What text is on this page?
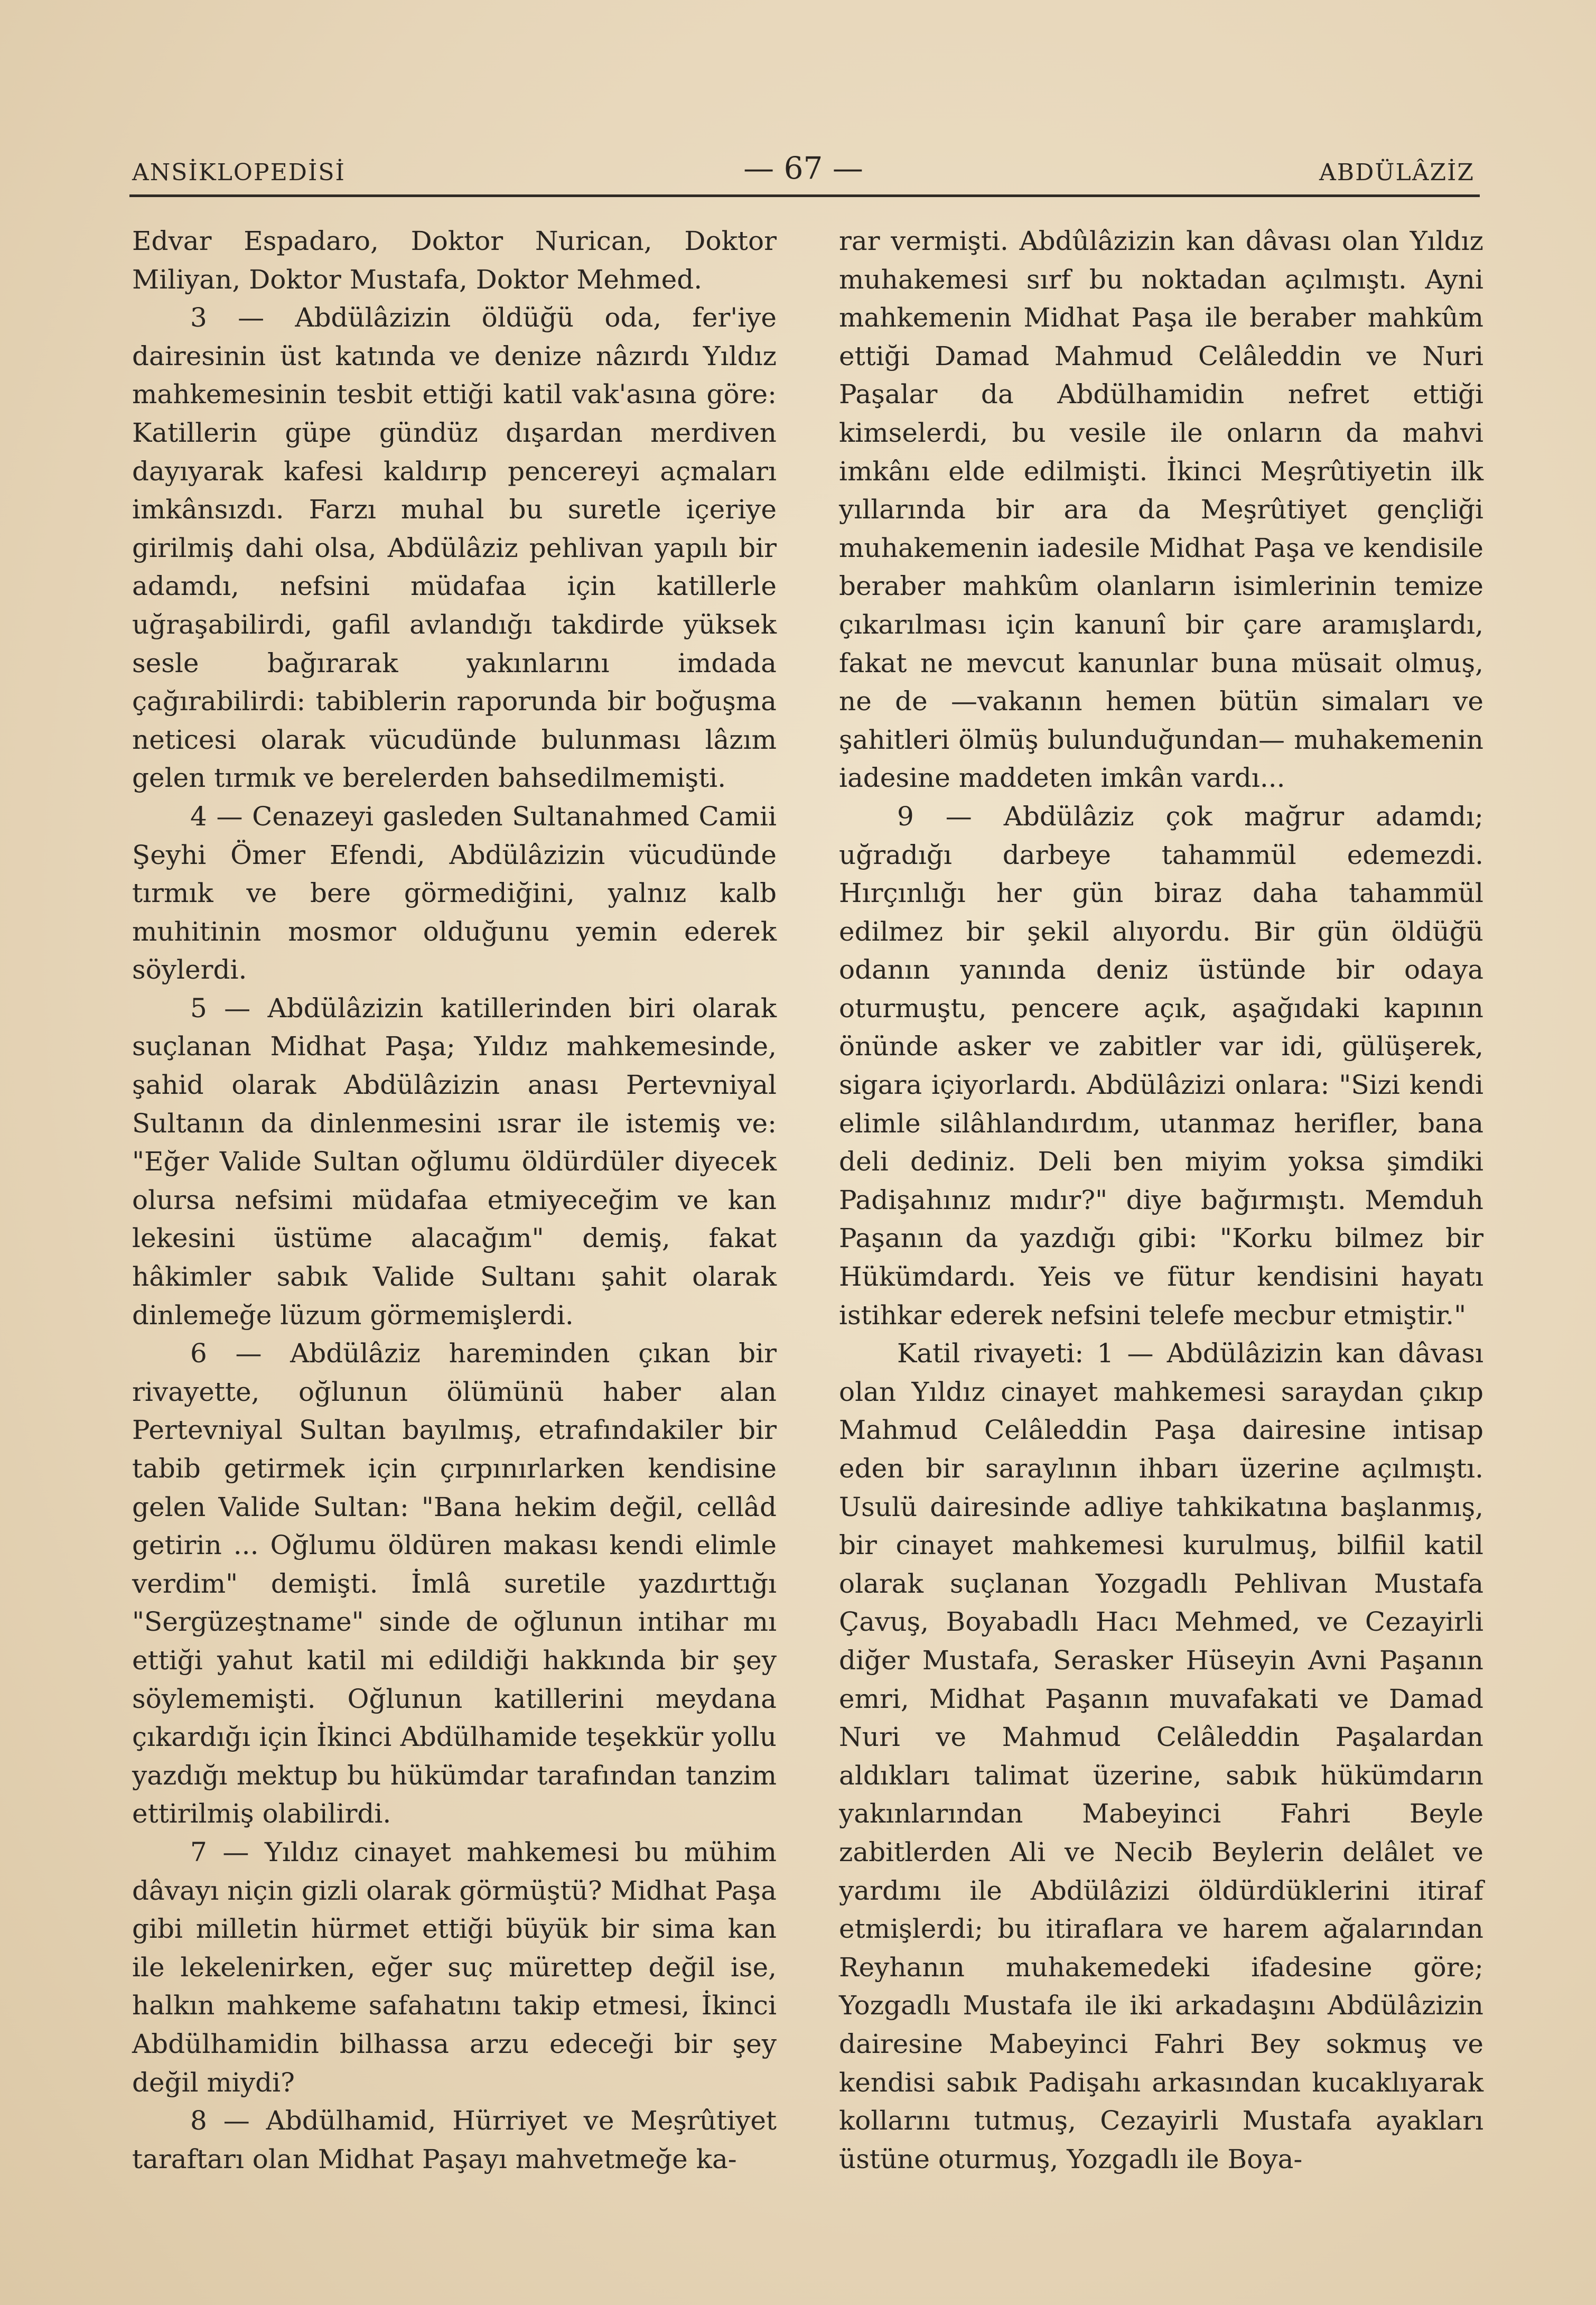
ANSİKLOPEDİSİ	— 67 —	ABDÜLÂZİZ

Edvar Espadaro, Doktor Nurican, Doktor Miliyan, Doktor Mustafa, Doktor Mehmed.

3 — Abdülâzizin öldüğü oda, fer'iye dairesinin üst katında ve denize nâzırdı Yıldız mahkemesinin tesbit ettiği katil vak'asına göre: Katillerin güpe gündüz dışardan merdiven dayıyarak kafesi kaldırıp pencereyi açmaları imkânsızdı. Farzı muhal bu suretle içeriye girilmiş dahi olsa, Abdülâziz pehlivan yapılı bir adamdı, nefsini müdafaa için katillerle uğraşabilirdi, gafil avlandığı takdirde yüksek sesle bağırarak yakınlarını imdada çağırabilirdi: tabiblerin raporunda bir boğuşma neticesi olarak vücudünde bulunması lâzım gelen tırmık ve berelerden bahsedilmemişti.

4 — Cenazeyi gasleden Sultanahmed Camii Şeyhi Ömer Efendi, Abdülâzizin vücudünde tırmık ve bere görmediğini, yalnız kalb muhitinin mosmor olduğunu yemin ederek söylerdi.

5 — Abdülâzizin katillerinden biri olarak suçlanan Midhat Paşa; Yıldız mahkemesinde, şahid olarak Abdülâzizin anası Pertevniyal Sultanın da dinlenmesini ısrar ile istemiş ve: "Eğer Valide Sultan oğlumu öldürdüler diyecek olursa nefsimi müdafaa etmiyeceğim ve kan lekesini üstüme alacağım" demiş, fakat hâkimler sabık Valide Sultanı şahit olarak dinlemeğe lüzum görmemişlerdi.

6 — Abdülâziz hareminden çıkan bir rivayette, oğlunun ölümünü haber alan Pertevniyal Sultan bayılmış, etrafındakiler bir tabib getirmek için çırpınırlarken kendisine gelen Valide Sultan: "Bana hekim değil, cellâd getirin ... Oğlumu öldüren makası kendi elimle verdim" demişti. İmlâ suretile yazdırttığı "Sergüzeştname" sinde de oğlunun intihar mı ettiği yahut katil mi edildiği hakkında bir şey söylememişti. Oğlunun katillerini meydana çıkardığı için İkinci Abdülhamide teşekkür yollu yazdığı mektup bu hükümdar tarafından tanzim ettirilmiş olabilirdi.

7 — Yıldız cinayet mahkemesi bu mühim dâvayı niçin gizli olarak görmüştü? Midhat Paşa gibi milletin hürmet ettiği büyük bir sima kan ile lekelenirken, eğer suç mürettep değil ise, halkın mahkeme safahatını takip etmesi, İkinci Abdülhamidin bilhassa arzu edeceği bir şey değil miydi?

8 — Abdülhamid, Hürriyet ve Meşrûtiyet taraftarı olan Midhat Paşayı mahvetmeğe ka-

rar vermişti. Abdûlâzizin kan dâvası olan Yıldız muhakemesi sırf bu noktadan açılmıştı. Ayni mahkemenin Midhat Paşa ile beraber mahkûm ettiği Damad Mahmud Celâleddin ve Nuri Paşalar da Abdülhamidin nefret ettiği kimselerdi, bu vesile ile onların da mahvi imkânı elde edilmişti. İkinci Meşrûtiyetin ilk yıllarında bir ara da Meşrûtiyet gençliği muhakemenin iadesile Midhat Paşa ve kendisile beraber mahkûm olanların isimlerinin temize çıkarılması için kanunî bir çare aramışlardı, fakat ne mevcut kanunlar buna müsait olmuş, ne de —vakanın hemen bütün simaları ve şahitleri ölmüş bulunduğundan— muhakemenin iadesine maddeten imkân vardı...

9 — Abdülâziz çok mağrur adamdı; uğradığı darbeye tahammül edemezdi. Hırçınlığı her gün biraz daha tahammül edilmez bir şekil alıyordu. Bir gün öldüğü odanın yanında deniz üstünde bir odaya oturmuştu, pencere açık, aşağıdaki kapının önünde asker ve zabitler var idi, gülüşerek, sigara içiyorlardı. Abdülâzizi onlara: "Sizi kendi elimle silâhlandırdım, utanmaz herifler, bana deli dediniz. Deli ben miyim yoksa şimdiki Padişahınız mıdır?" diye bağırmıştı. Memduh Paşanın da yazdığı gibi: "Korku bilmez bir Hükümdardı. Yeis ve fütur kendisini hayatı istihkar ederek nefsini telefe mecbur etmiştir."

Katil rivayeti: 1 — Abdülâzizin kan dâvası olan Yıldız cinayet mahkemesi saraydan çıkıp Mahmud Celâleddin Paşa dairesine intisap eden bir saraylının ihbarı üzerine açılmıştı. Usulü dairesinde adliye tahkikatına başlanmış, bir cinayet mahkemesi kurulmuş, bilfiil katil olarak suçlanan Yozgadlı Pehlivan Mustafa Çavuş, Boyabadlı Hacı Mehmed, ve Cezayirli diğer Mustafa, Serasker Hüseyin Avni Paşanın emri, Midhat Paşanın muvafakati ve Damad Nuri ve Mahmud Celâleddin Paşalardan aldıkları talimat üzerine, sabık hükümdarın yakınlarından Mabeyinci Fahri Beyle zabitlerden Ali ve Necib Beylerin delâlet ve yardımı ile Abdülâzizi öldürdüklerini itiraf etmişlerdi; bu itiraflara ve harem ağalarından Reyhanın muhakemedeki ifadesine göre; Yozgadlı Mustafa ile iki arkadaşını Abdülâzizin dairesine Mabeyinci Fahri Bey sokmuş ve kendisi sabık Padişahı arkasından kucaklıyarak kollarını tutmuş, Cezayirli Mustafa ayakları üstüne oturmuş, Yozgadlı ile Boya-
